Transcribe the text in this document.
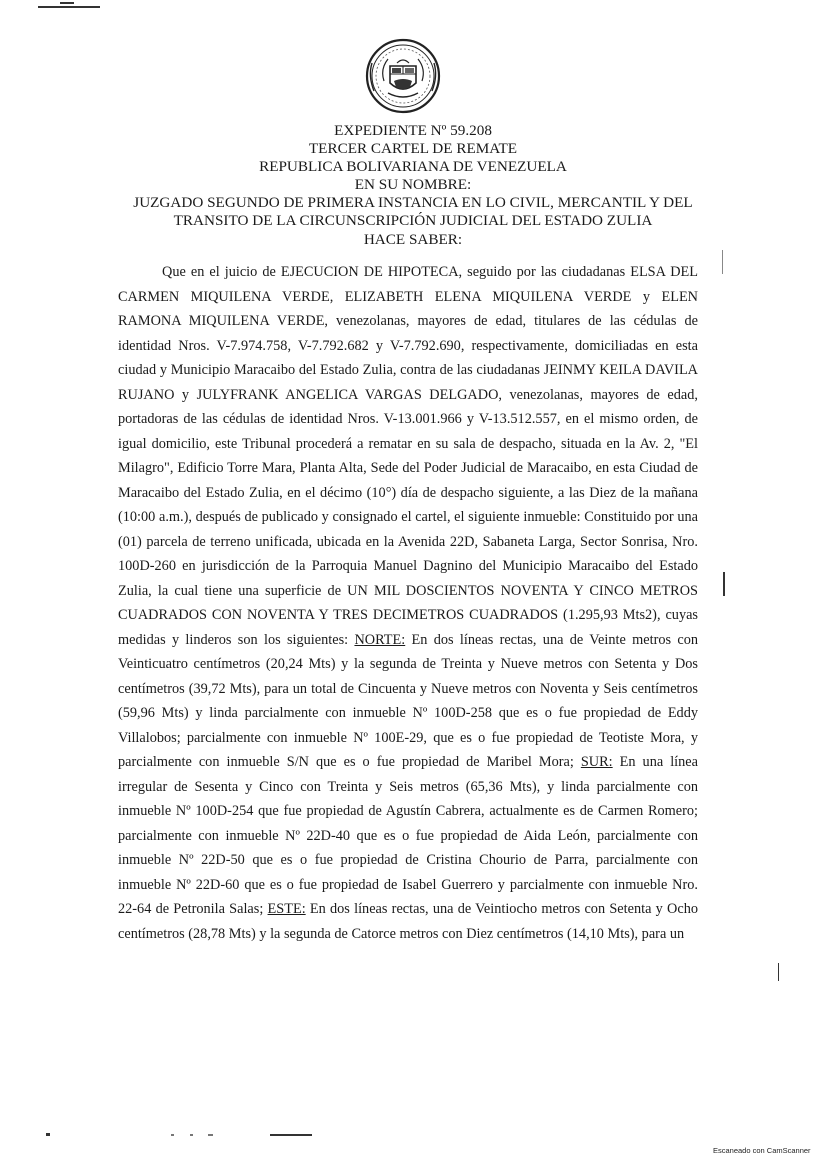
EXPEDIENTE Nº 59.208
TERCER CARTEL DE REMATE
REPUBLICA BOLIVARIANA DE VENEZUELA
EN SU NOMBRE:
JUZGADO SEGUNDO DE PRIMERA INSTANCIA EN LO CIVIL, MERCANTIL Y DEL
TRANSITO DE LA CIRCUNSCRIPCIÓN JUDICIAL DEL ESTADO ZULIA
HACE SABER:

Que en el juicio de EJECUCION DE HIPOTECA, seguido por las ciudadanas ELSA DEL CARMEN MIQUILENA VERDE, ELIZABETH ELENA MIQUILENA VERDE y ELEN RAMONA MIQUILENA VERDE, venezolanas, mayores de edad, titulares de las cédulas de identidad Nros. V-7.974.758, V-7.792.682 y V-7.792.690, respectivamente, domiciliadas en esta ciudad y Municipio Maracaibo del Estado Zulia, contra de las ciudadanas JEINMY KEILA DAVILA RUJANO y JULYFRANK ANGELICA VARGAS DELGADO, venezolanas, mayores de edad, portadoras de las cédulas de identidad Nros. V-13.001.966 y V-13.512.557, en el mismo orden, de igual domicilio, este Tribunal procederá a rematar en su sala de despacho, situada en la Av. 2, "El Milagro", Edificio Torre Mara, Planta Alta, Sede del Poder Judicial de Maracaibo, en esta Ciudad de Maracaibo del Estado Zulia, en el décimo (10°) día de despacho siguiente, a las Diez de la mañana (10:00 a.m.), después de publicado y consignado el cartel, el siguiente inmueble: Constituido por una (01) parcela de terreno unificada, ubicada en la Avenida 22D, Sabaneta Larga, Sector Sonrisa, Nro. 100D-260 en jurisdicción de la Parroquia Manuel Dagnino del Municipio Maracaibo del Estado Zulia, la cual tiene una superficie de UN MIL DOSCIENTOS NOVENTA Y CINCO METROS CUADRADOS CON NOVENTA Y TRES DECIMETROS CUADRADOS (1.295,93 Mts2), cuyas medidas y linderos son los siguientes: NORTE: En dos líneas rectas, una de Veinte metros con Veinticuatro centímetros (20,24 Mts) y la segunda de Treinta y Nueve metros con Setenta y Dos centímetros (39,72 Mts), para un total de Cincuenta y Nueve metros con Noventa y Seis centímetros (59,96 Mts) y linda parcialmente con inmueble Nº 100D-258 que es o fue propiedad de Eddy Villalobos; parcialmente con inmueble Nº 100E-29, que es o fue propiedad de Teotiste Mora, y parcialmente con inmueble S/N que es o fue propiedad de Maribel Mora; SUR: En una línea irregular de Sesenta y Cinco con Treinta y Seis metros (65,36 Mts), y linda parcialmente con inmueble Nº 100D-254 que fue propiedad de Agustín Cabrera, actualmente es de Carmen Romero; parcialmente con inmueble Nº 22D-40 que es o fue propiedad de Aida León, parcialmente con inmueble Nº 22D-50 que es o fue propiedad de Cristina Chourio de Parra, parcialmente con inmueble Nº 22D-60 que es o fue propiedad de Isabel Guerrero y parcialmente con inmueble Nro. 22-64 de Petronila Salas; ESTE: En dos líneas rectas, una de Veintiocho metros con Setenta y Ocho centímetros (28,78 Mts) y la segunda de Catorce metros con Diez centímetros (14,10 Mts), para un

Escaneado con CamScanner
